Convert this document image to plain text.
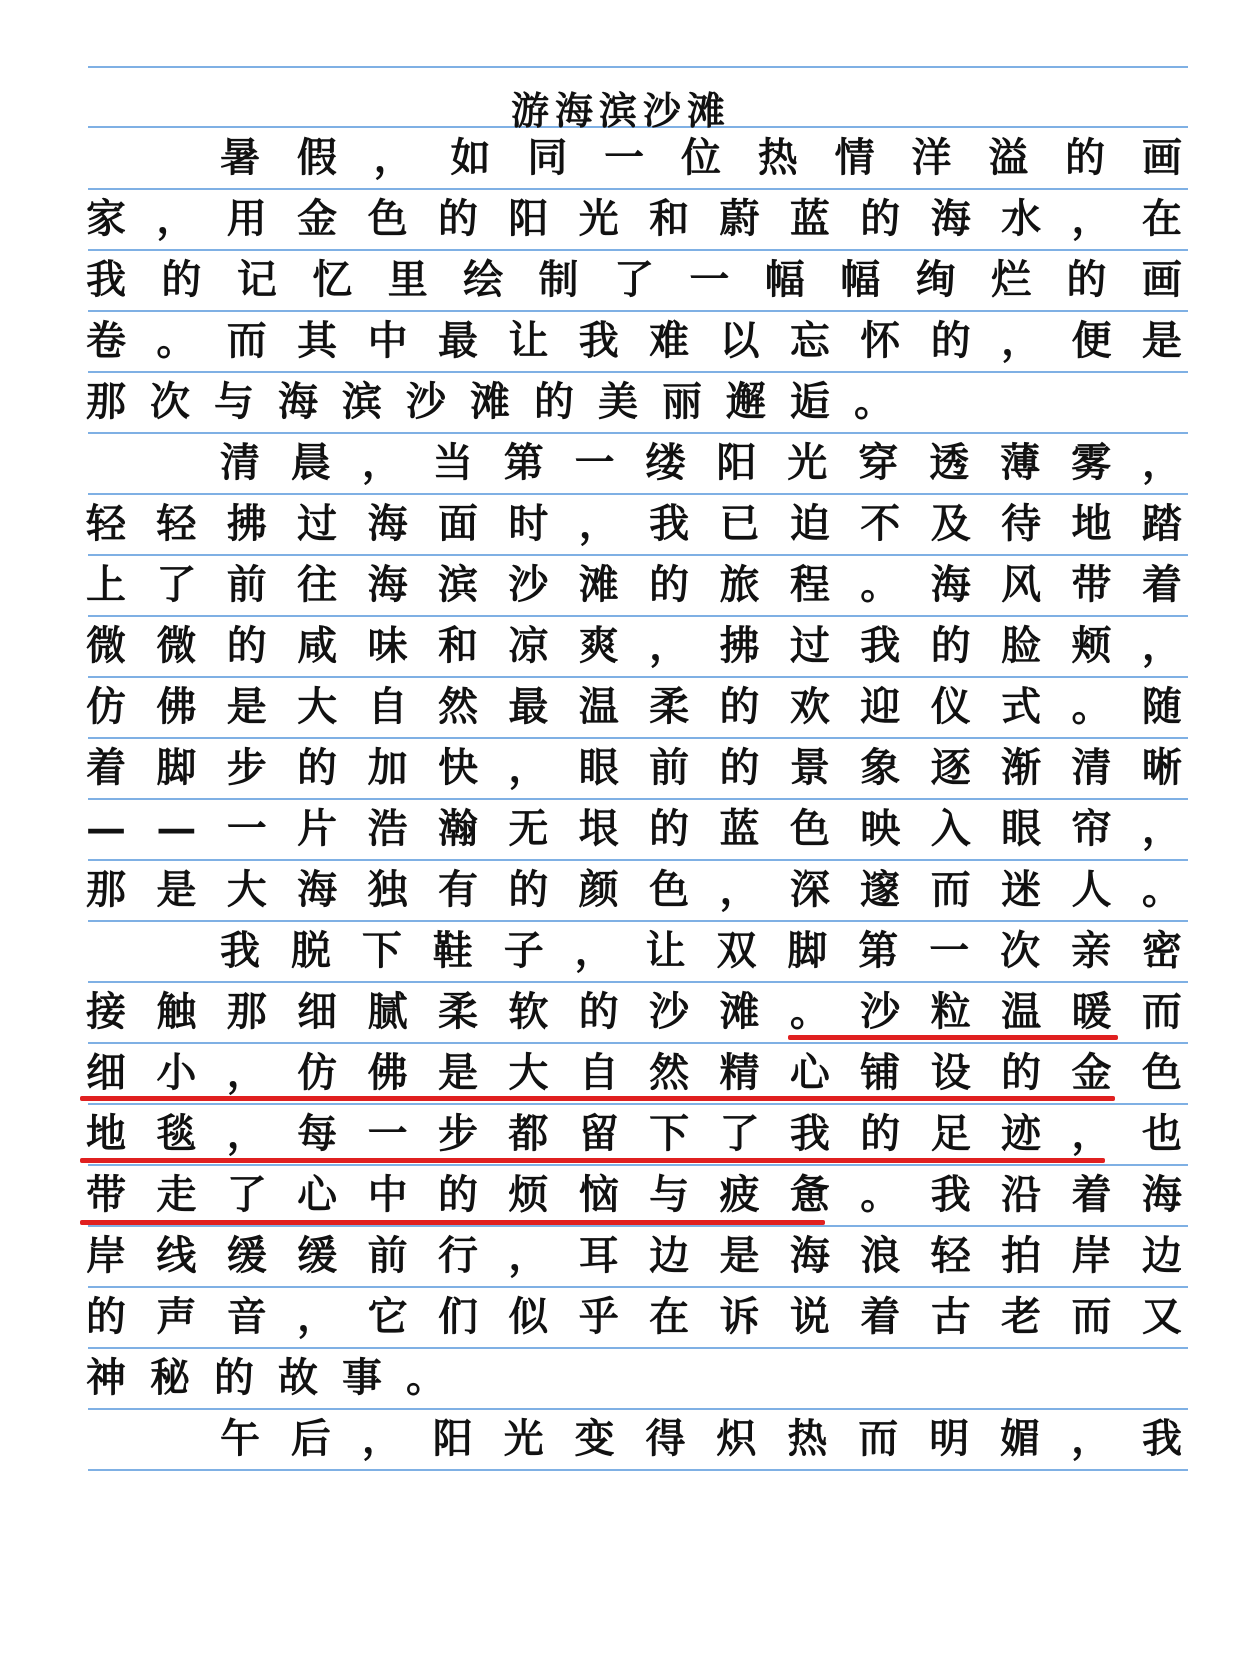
游海滨沙滩
暑 假 ， 如 同 一 位 热 情 洋 溢 的 画
家 ， 用 金 色 的 阳 光 和 蔚 蓝 的 海 水 ， 在
我 的 记 忆 里 绘 制 了 一 幅 幅 绚 烂 的 画
卷 。 而 其 中 最 让 我 难 以 忘 怀 的 ， 便 是
那 次 与 海 滨 沙 滩 的 美 丽 邂 逅 。
清 晨 ， 当 第 一 缕 阳 光 穿 透 薄 雾 ，
轻 轻 拂 过 海 面 时 ， 我 已 迫 不 及 待 地 踏
上 了 前 往 海 滨 沙 滩 的 旅 程 。 海 风 带 着
微 微 的 咸 味 和 凉 爽 ， 拂 过 我 的 脸 颊 ，
仿 佛 是 大 自 然 最 温 柔 的 欢 迎 仪 式 。 随
着 脚 步 的 加 快 ， 眼 前 的 景 象 逐 渐 清 晰
— — 一 片 浩 瀚 无 垠 的 蓝 色 映 入 眼 帘 ，
那 是 大 海 独 有 的 颜 色 ， 深 邃 而 迷 人 。
我 脱 下 鞋 子 ， 让 双 脚 第 一 次 亲 密
接 触 那 细 腻 柔 软 的 沙 滩 。 沙 粒 温 暖 而
细 小 ， 仿 佛 是 大 自 然 精 心 铺 设 的 金 色
地 毯 ， 每 一 步 都 留 下 了 我 的 足 迹 ， 也
带 走 了 心 中 的 烦 恼 与 疲 惫 。 我 沿 着 海
岸 线 缓 缓 前 行 ， 耳 边 是 海 浪 轻 拍 岸 边
的 声 音 ， 它 们 似 乎 在 诉 说 着 古 老 而 又
神 秘 的 故 事 。
午 后 ， 阳 光 变 得 炽 热 而 明 媚 ， 我
